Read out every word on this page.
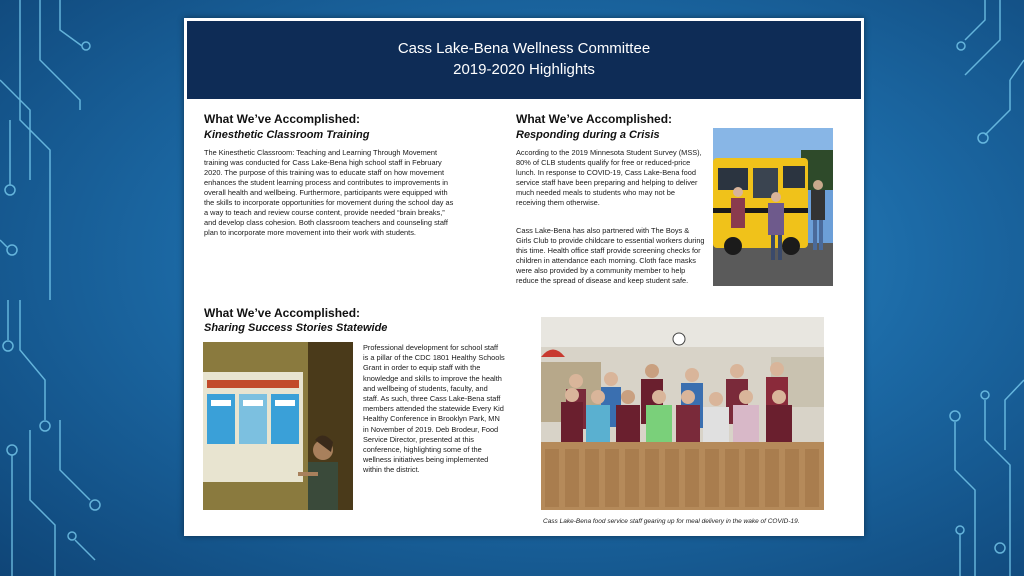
Cass Lake-Bena Wellness Committee
2019-2020 Highlights
What We’ve Accomplished:
Kinesthetic Classroom Training
The Kinesthetic Classroom: Teaching and Learning Through Movement training was conducted for Cass Lake-Bena high school staff in February 2020. The purpose of this training was to educate staff on how movement enhances the student learning process and contributes to improvements in overall health and wellbeing. Furthermore, participants were equipped with the skills to incorporate opportunities for movement during the school day as a way to teach and review course content, provide needed “brain breaks,” and develop class cohesion. Both classroom teachers and counseling staff plan to incorporate more movement into their work with students.
What We’ve Accomplished:
Responding during a Crisis
According to the 2019 Minnesota Student Survey (MSS), 80% of CLB students qualify for free or reduced-price lunch. In response to COVID-19, Cass Lake-Bena food service staff have been preparing and helping to deliver much needed meals to students who may not be receiving them otherwise.
Cass Lake-Bena has also partnered with The Boys & Girls Club to provide childcare to essential workers during this time. Health office staff provide screening checks for children in attendance each morning. Cloth face masks were also provided by a community member to help reduce the spread of disease and keep student safe.
What We’ve Accomplished:
Sharing Success Stories Statewide
Professional development for school staff is a pillar of the CDC 1801 Healthy Schools Grant in order to equip staff with the knowledge and skills to improve the health and wellbeing of students, faculty, and staff. As such, three Cass Lake-Bena staff members attended the statewide Every Kid Healthy Conference in Brooklyn Park, MN in November of 2019. Deb Brodeur, Food Service Director, presented at this conference, highlighting some of the wellness initiatives being implemented within the district.
Cass Lake-Bena food service staff gearing up for meal delivery in the wake of COVID-19.
